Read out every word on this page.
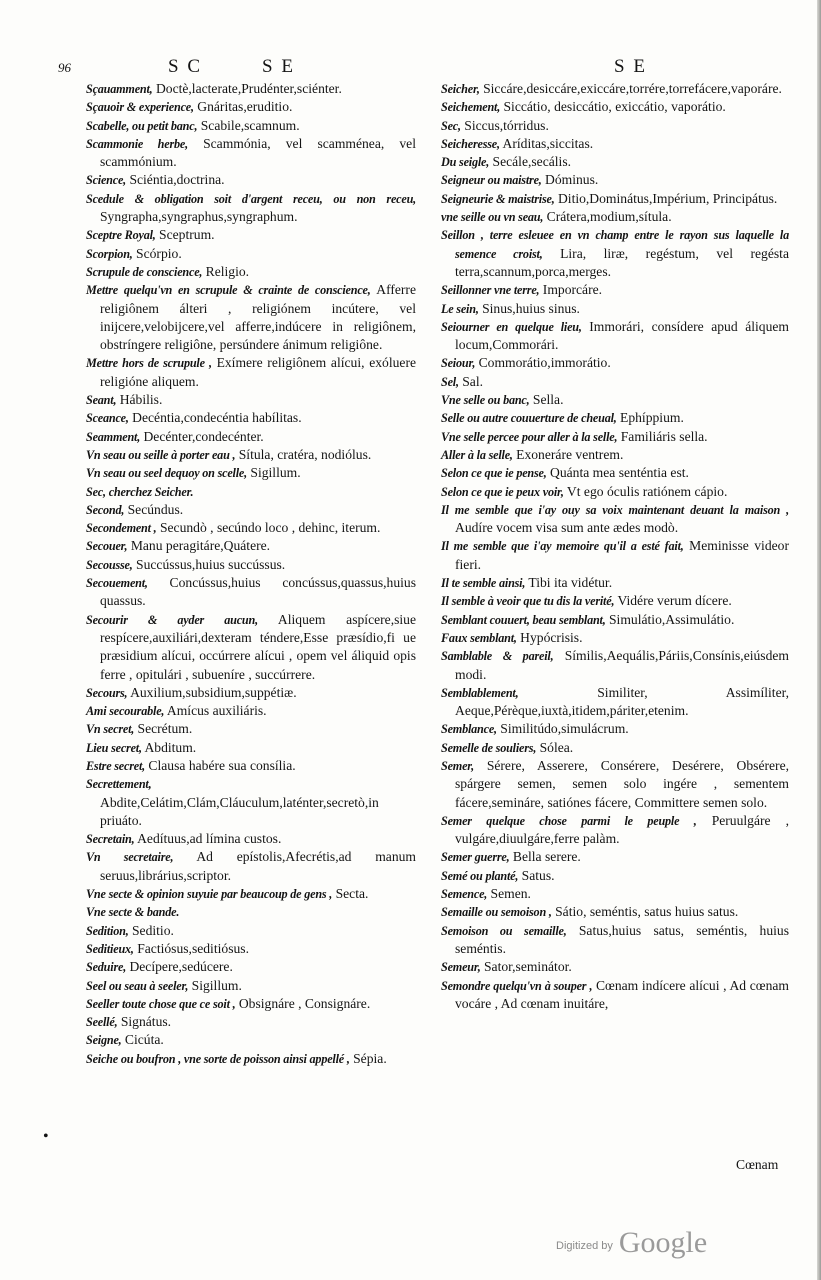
96	S C	S E	S E

Sçauamment, Doctè,lacterate,Prudénter,sciénter.

Sçauoir & experience, Gnáritas,eruditio.

Scabelle, ou petit banc, Scabile,scamnum.

Scammonie herbe, Scammónia, vel scamménea, vel scammónium.

Science, Sciéntia,doctrina.

Scedule & obligation soit d'argent receu, ou non receu, Syngrapha,syngraphus,syngraphum.

Sceptre Royal, Sceptrum.

Scorpion, Scórpio.

Scrupule de conscience, Religio.

Mettre quelqu'vn en scrupule & crainte de conscience, Afferre religiônem álteri , religiónem incútere, vel inijcere,velobijcere,vel afferre,indúcere in religiônem, obstríngere religiône, persúndere ánimum religiône.

Mettre hors de scrupule , Exímere religiônem alícui, exóluere religióne aliquem.

Seant, Hábilis.

Sceance, Decéntia,condecéntia habílitas.

Seamment, Decénter,condecénter.

Vn seau ou seille à porter eau , Sítula, cratéra, nodiólus.

Vn seau ou seel dequoy on scelle, Sigillum.

Sec, cherchez Seicher.

Second, Secúndus.

Secondement , Secundò , secúndo loco , dehinc, iterum.

Secouer, Manu peragitáre,Quátere.

Secousse, Succússus,huius succússus.

Secouement, Concússus,huius concússus,quassus,huius quassus.

Secourir & ayder aucun, Aliquem aspícere,siue respícere,auxiliári,dexteram téndere,Esse præsídio,fi ue præsidium alícui, occúrrere alícui , opem vel áliquid opis ferre , opitulári , subueníre , succúrrere.

Secours, Auxilium,subsidium,suppétiæ.

Ami secourable, Amícus auxiliáris.

Vn secret, Secrétum.

Lieu secret, Abditum.

Estre secret, Clausa habére sua consília.

Secrettement, Abdite,Celátim,Clám,Cláuculum,laténter,secretò,in priuáto.

Secretain, Aedítuus,ad límina custos.

Vn secretaire, Ad epístolis,Afecrétis,ad manum seruus,librárius,scriptor.

Vne secte & opinion suyuie par beaucoup de gens , Secta.

Vne secte & bande.

Sedition, Seditio.

Seditieux, Factiósus,seditiósus.

Seduire, Decípere,sedúcere.

Seel ou seau à seeler, Sigillum.

Seeller toute chose que ce soit , Obsignáre , Consignáre.

Seellé, Signátus.

Seigne, Cicúta.

Seiche ou boufron , vne sorte de poisson ainsi appellé , Sépia.

Seicher, Siccáre,desiccáre,exiccáre,torrére,torrefácere,vaporáre.

Seichement, Siccátio, desiccátio, exiccátio, vaporátio.

Sec, Siccus,tórridus.

Seicheresse, Aríditas,siccitas.

Du seigle, Secále,secális.

Seigneur ou maistre, Dóminus.

Seigneurie & maistrise, Ditio,Dominátus,Impérium, Principátus.

vne seille ou vn seau, Crátera,modium,sítula.

Seillon , terre esleuee en vn champ entre le rayon sus laquelle la semence croist, Lira, liræ, regéstum, vel regésta terra,scannum,porca,merges.

Seillonner vne terre, Imporcáre.

Le sein, Sinus,huius sinus.

Seiourner en quelque lieu, Immorári, consídere apud áliquem locum,Commorári.

Seiour, Commorátio,immorátio.

Sel, Sal.

Vne selle ou banc, Sella.

Selle ou autre couuerture de cheual, Ephíppium.

Vne selle percee pour aller à la selle, Familiáris sella.

Aller à la selle, Exoneráre ventrem.

Selon ce que ie pense, Quánta mea senténtia est.

Selon ce que ie peux voir, Vt ego óculis ratiónem cápio.

Il me semble que i'ay ouy sa voix maintenant deuant la maison , Audíre vocem visa sum ante ædes modò.

Il me semble que i'ay memoire qu'il a esté fait, Meminisse videor fieri.

Il te semble ainsi, Tibi ita vidétur.

Il semble à veoir que tu dis la verité, Vidére verum dícere.

Semblant couuert, beau semblant, Simulátio,Assimulátio.

Faux semblant, Hypócrisis.

Samblable & pareil, Símilis,Aequális,Páriis,Consínis,eiúsdem modi.

Semblablement,	Similiter, Assimíliter, Aeque,Pérèque,iuxtà,itidem,páriter,etenim.

Semblance, Similitúdo,simulácrum.

Semelle de souliers, Sólea.

Semer, Sérere, Asserere, Consérere, Desérere, Obsérere, spárgere semen, semen solo ingére , sementem fácere,semináre, satiónes fácere, Committere semen solo.

Semer quelque chose parmi le peuple , Peruulgáre , vulgáre,diuulgáre,ferre palàm.

Semer guerre, Bella serere.

Semé ou planté, Satus.

Semence, Semen.

Semaille ou semoison , Sátio, seméntis, satus huius satus.

Semoison ou semaille, Satus,huius satus, seméntis, huius seméntis.

Semeur, Sator,seminátor.

Semondre quelqu'vn à souper , Cœnam indícere alícui , Ad cœnam vocáre , Ad cœnam inuitáre,

•
Cœnam
Digitized by Google
